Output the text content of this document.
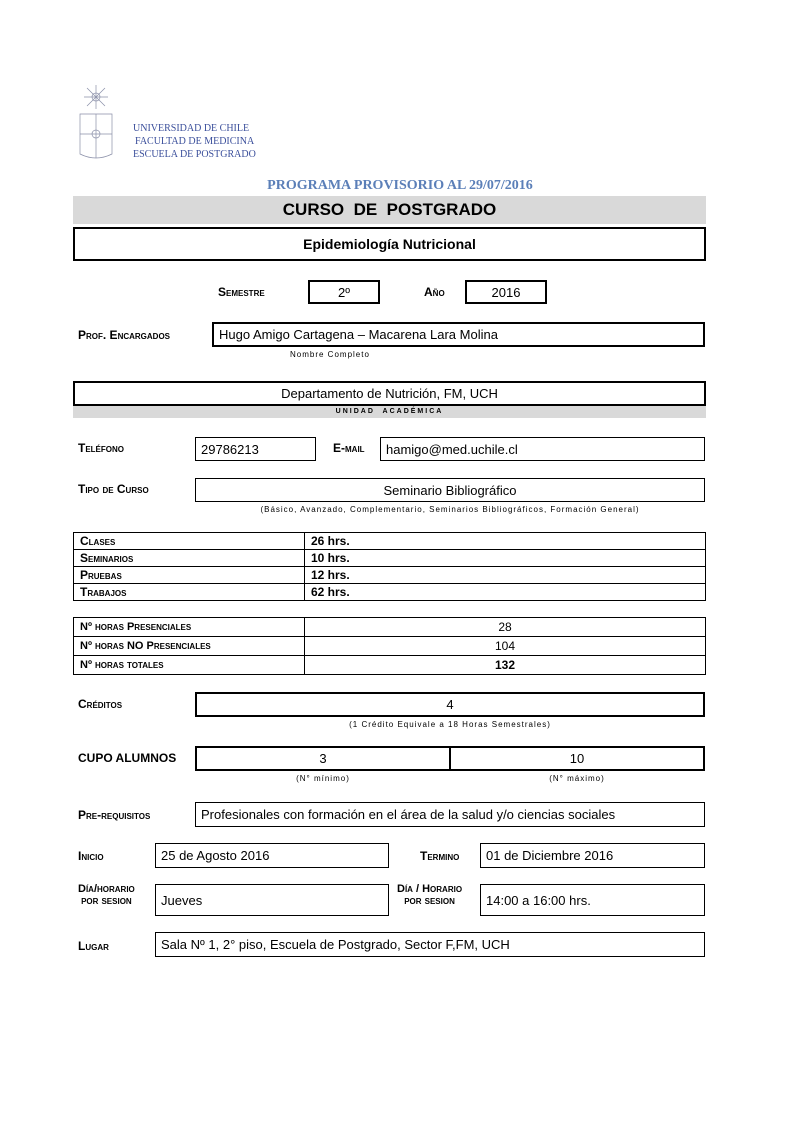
UNIVERSIDAD DE CHILE
FACULTAD DE MEDICINA
ESCUELA DE POSTGRADO
PROGRAMA PROVISORIO AL 29/07/2016
CURSO  DE  POSTGRADO
Epidemiología Nutricional
Semestre	2º	Año	2016
Prof. Encargados	Hugo Amigo Cartagena – Macarena Lara Molina
Nombre Completo
Departamento de Nutrición, FM, UCH
UNIDAD  ACADÉMICA
Teléfono	29786213	E-mail	hamigo@med.uchile.cl
Tipo de Curso	Seminario Bibliográfico
(Básico, Avanzado, Complementario, Seminarios Bibliográficos, Formación General)
Clases	26 hrs.
Seminarios	10 hrs.
Pruebas	12 hrs.
Trabajos	62 hrs.
Nº horas Presenciales	28
Nº horas NO Presenciales	104
Nº horas totales	132
Créditos	4
(1 Crédito Equivale a 18 Horas Semestrales)
CUPO ALUMNOS	3	10
(N° mínimo)	(N° máximo)
Pre-requisitos	Profesionales con formación en el área de la salud y/o ciencias sociales
Inicio	25 de Agosto 2016	Termino	01 de Diciembre 2016
Día/horario
por sesion	Jueves
Día / Horario
por sesion	14:00 a 16:00 hrs.
Lugar	Sala Nº 1, 2° piso, Escuela de Postgrado, Sector F,FM, UCH
